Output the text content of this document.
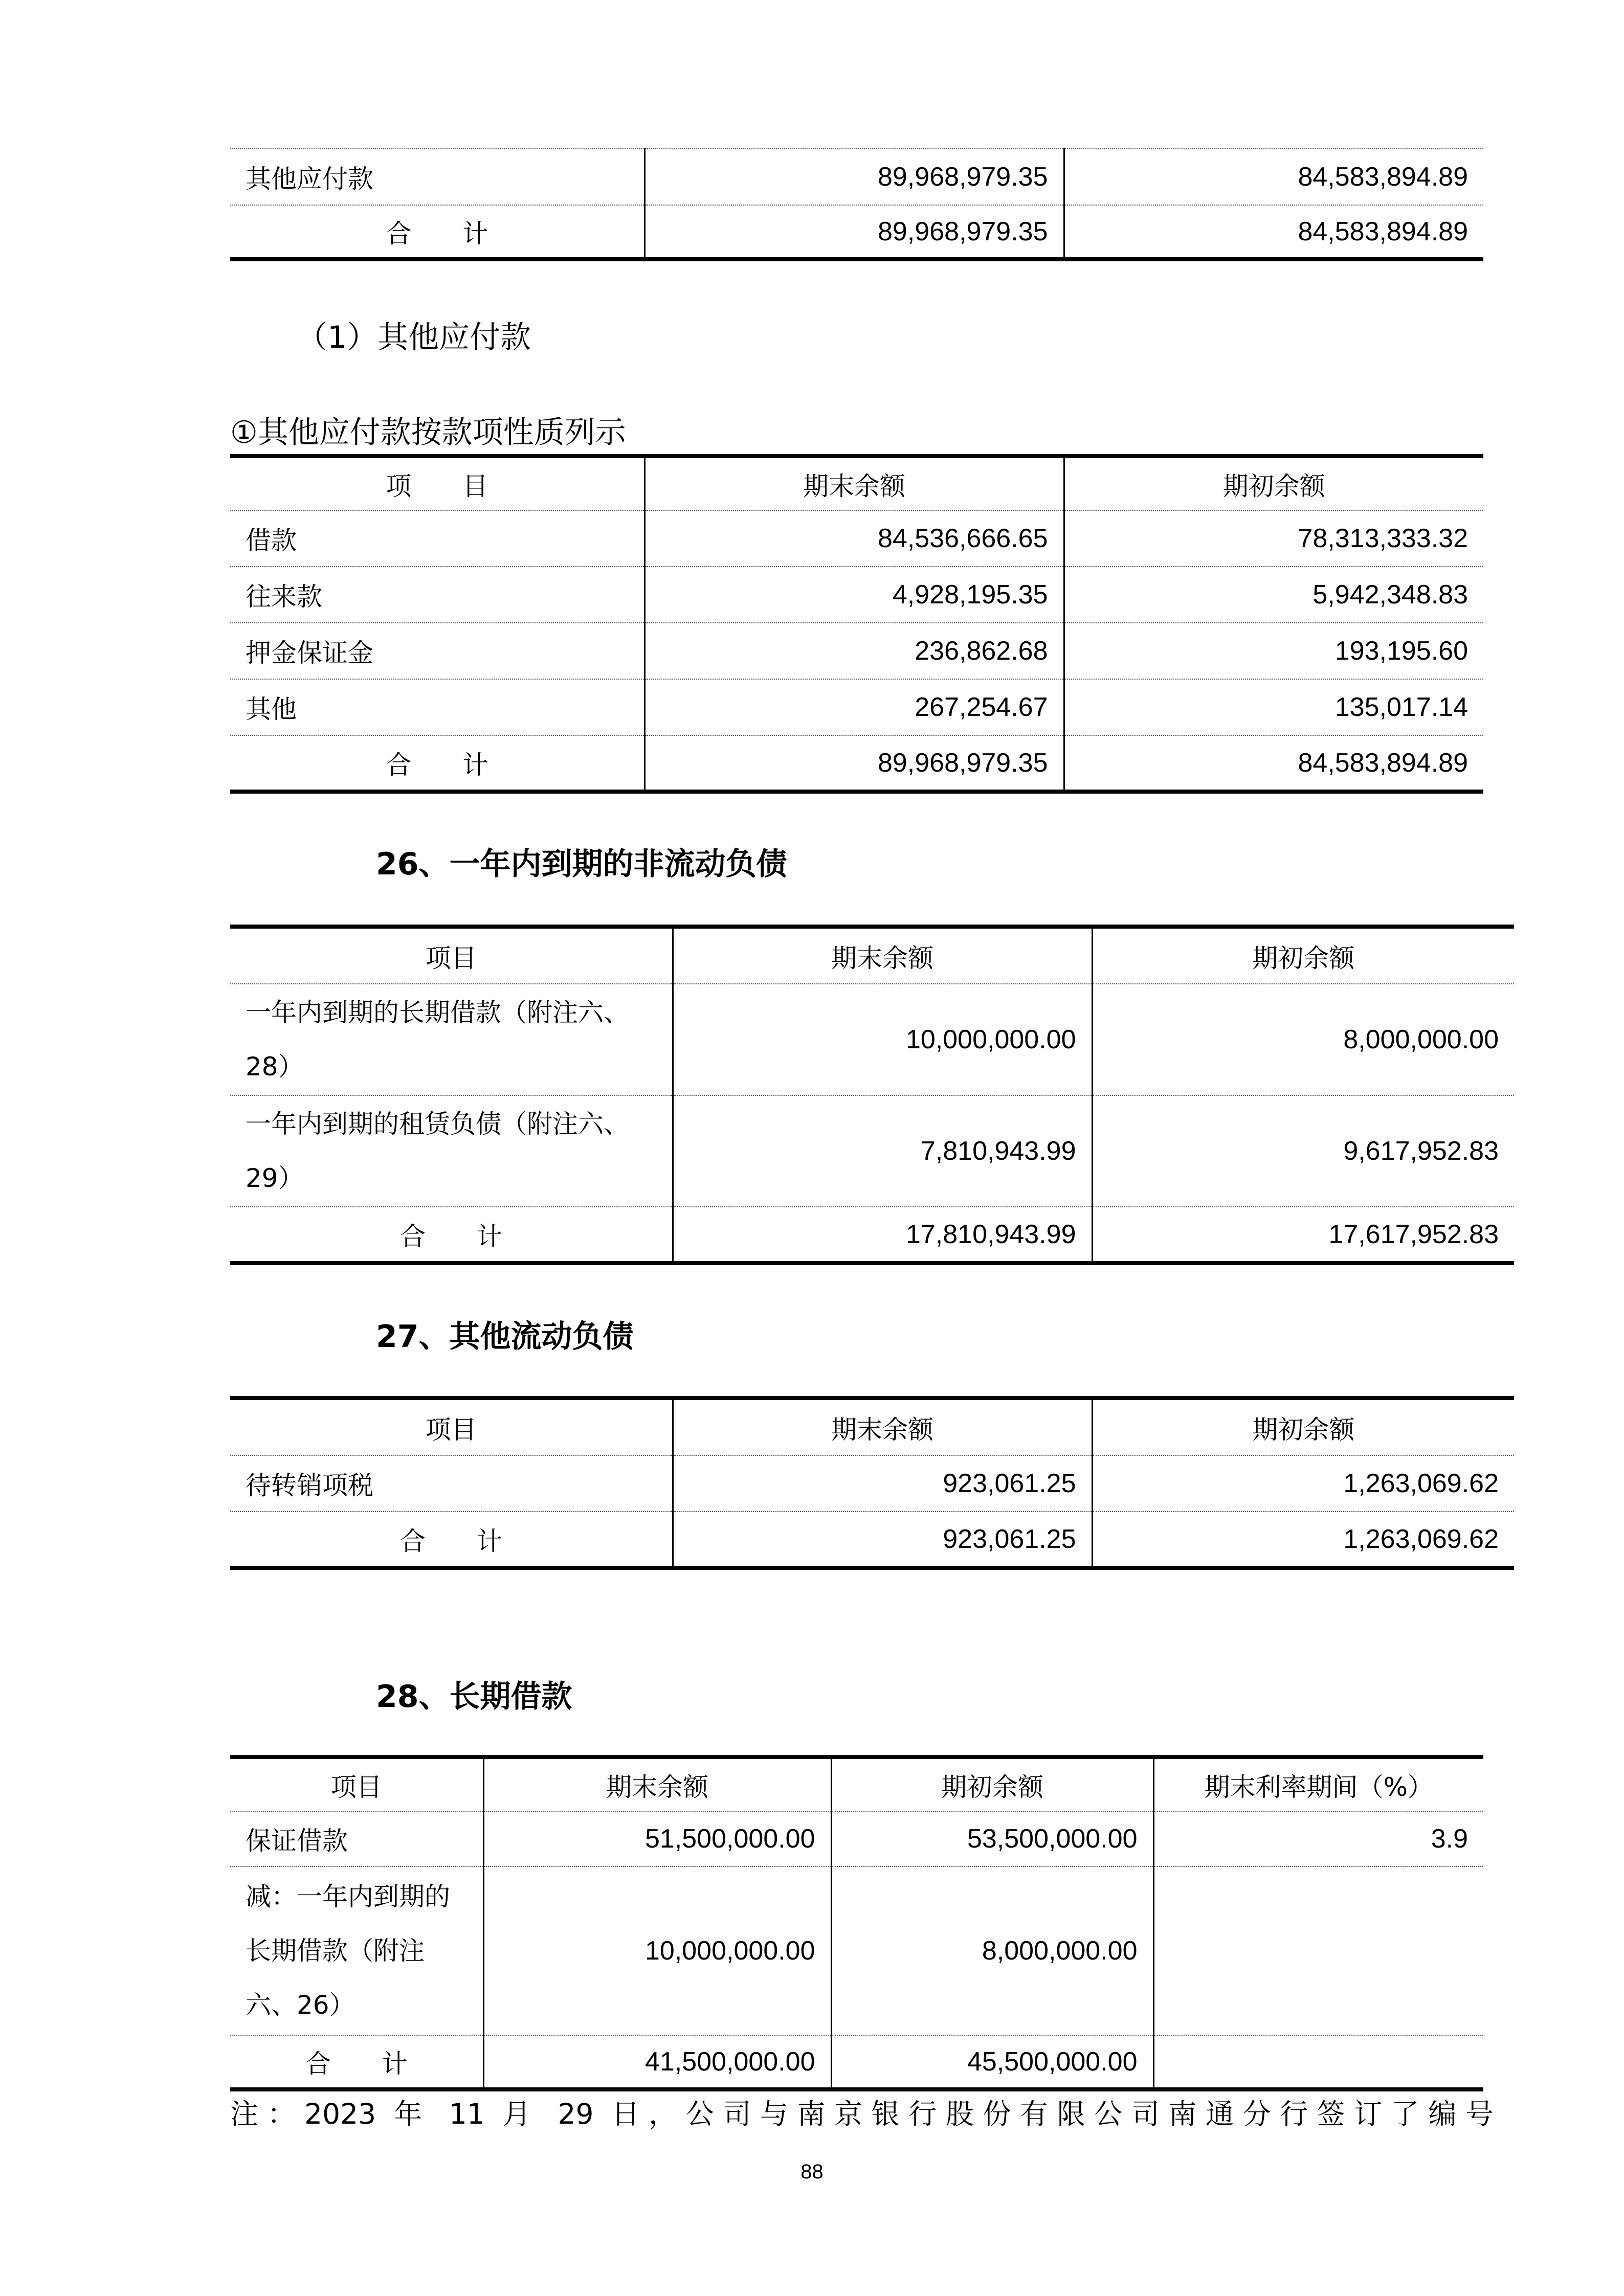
其他应付款	89,968,979.35	84,583,894.89
合　　计	89,968,979.35	84,583,894.89
（1）其他应付款
①其他应付款按款项性质列示
项　　目	期末余额	期初余额
借款	84,536,666.65	78,313,333.32
往来款	4,928,195.35	5,942,348.83
押金保证金	236,862.68	193,195.60
其他	267,254.67	135,017.14
合　　计	89,968,979.35	84,583,894.89
26、一年内到期的非流动负债
项目	期末余额	期初余额
一年内到期的长期借款（附注六、28）	10,000,000.00	8,000,000.00
一年内到期的租赁负债（附注六、29）	7,810,943.99	9,617,952.83
合　　计	17,810,943.99	17,617,952.83
27、其他流动负债
项目	期末余额	期初余额
待转销项税	923,061.25	1,263,069.62
合　　计	923,061.25	1,263,069.62
28、长期借款
项目	期末余额	期初余额	期末利率期间（%）
保证借款	51,500,000.00	53,500,000.00	3.9
减：一年内到期的长期借款（附注六、26）	10,000,000.00	8,000,000.00	
合　　计	41,500,000.00	45,500,000.00	
注：2023 年 11 月 29 日，公司与南京银行股份有限公司南通分行签订了编号
88
